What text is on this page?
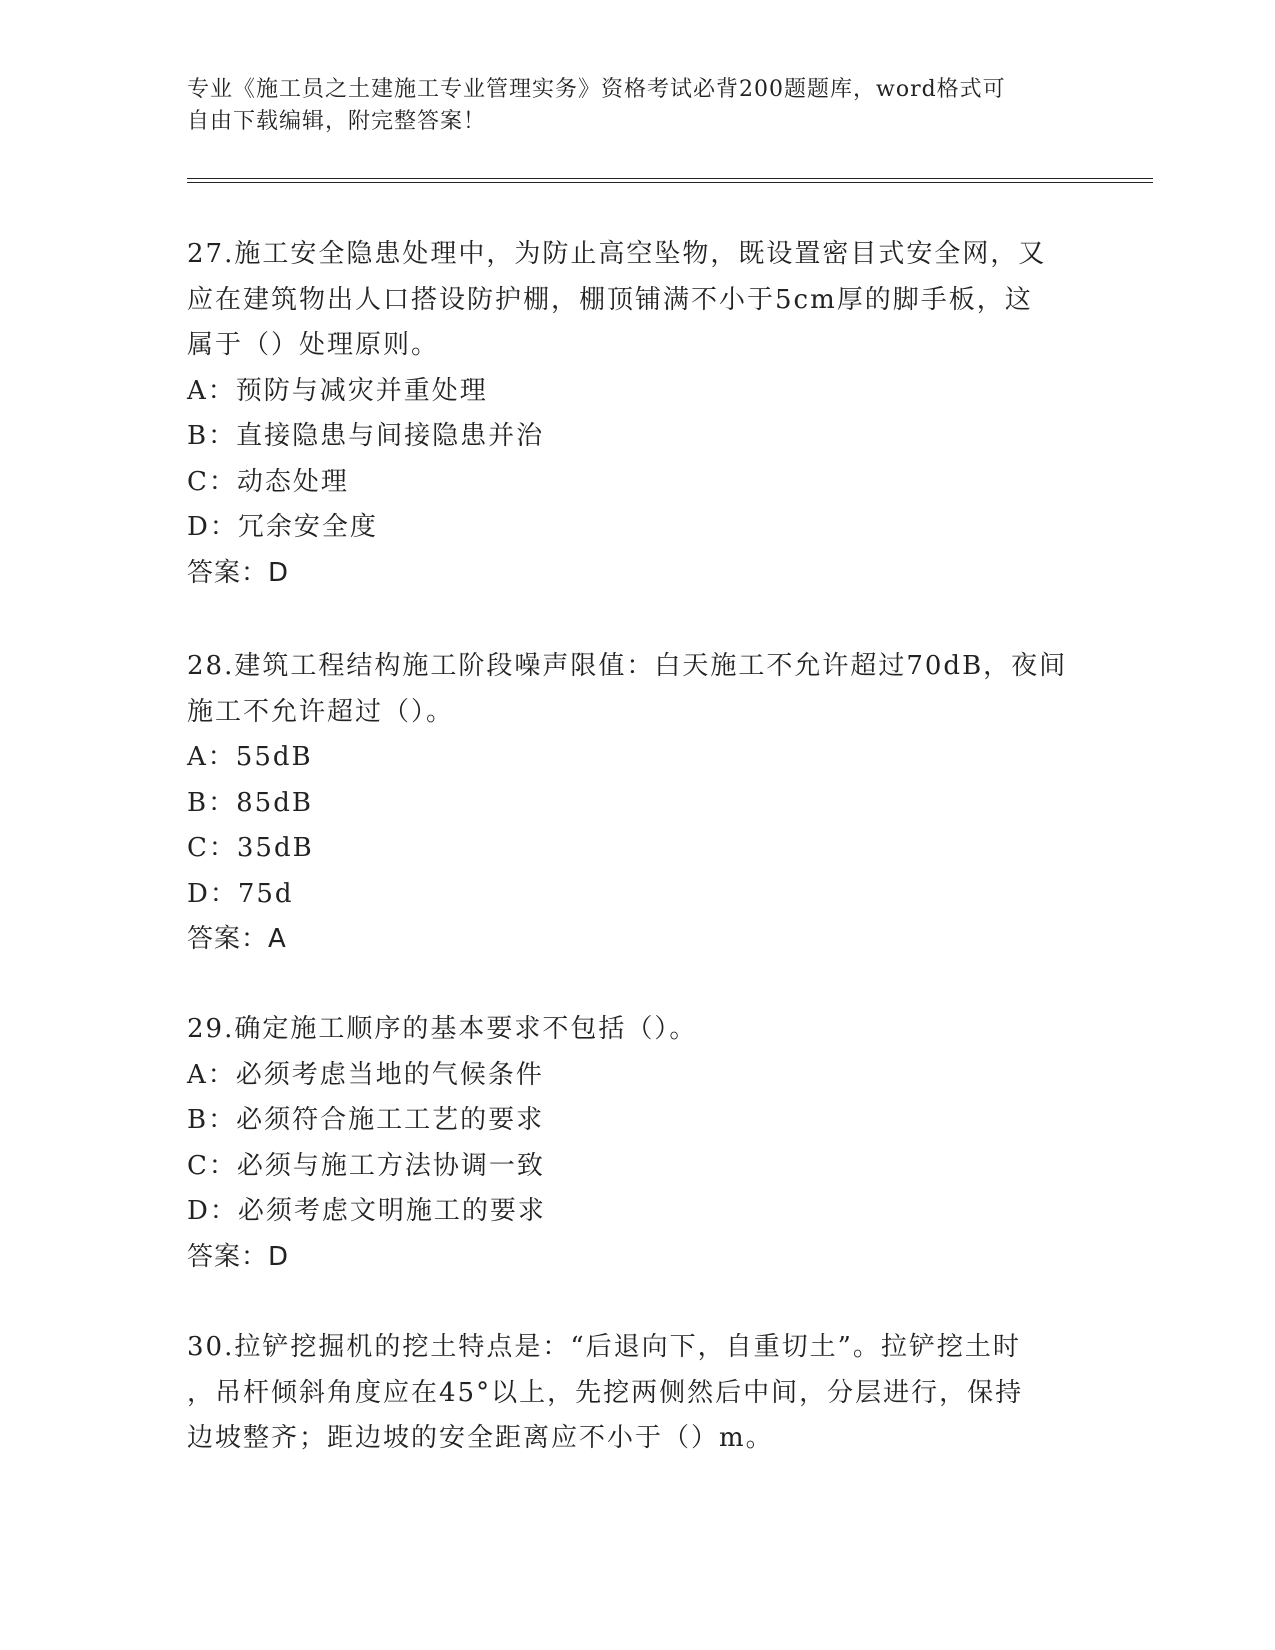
专业《施工员之土建施工专业管理实务》资格考试必背200题题库，word格式可
自由下载编辑，附完整答案！
27.施工安全隐患处理中，为防止高空坠物，既设置密目式安全网，又
应在建筑物出人口搭设防护棚，棚顶铺满不小于5cm厚的脚手板，这
属于（）处理原则。
A：预防与减灾并重处理
B：直接隐患与间接隐患并治
C：动态处理
D：冗余安全度
答案：D
28.建筑工程结构施工阶段噪声限值：白天施工不允许超过70dB，夜间
施工不允许超过（）。
A：55dB
B：85dB
C：35dB
D：75d
答案：A
29.确定施工顺序的基本要求不包括（）。
A：必须考虑当地的气候条件
B：必须符合施工工艺的要求
C：必须与施工方法协调一致
D：必须考虑文明施工的要求
答案：D
30.拉铲挖掘机的挖土特点是：“后退向下，自重切土”。拉铲挖土时
，吊杆倾斜角度应在45°以上，先挖两侧然后中间，分层进行，保持
边坡整齐；距边坡的安全距离应不小于（）m。
